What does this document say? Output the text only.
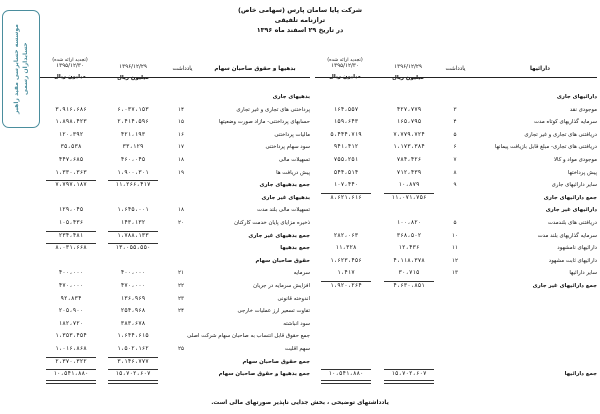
موسسه حسابرسی مفید راهبر حسابداران رسمی
شرکت پایا سامان پارس (سهامی خاص)
ترازنامه تلفیقی
در تاریخ ۲۹ اسفند ماه ۱۳۹۶
(تجدید ارائه شده)
۱۳۹۵/۱۲/۳۰
میلیون ریال
۱۳۹۶/۱۲/۲۹
میلیون ریال
یادداشت	بدهیها و حقوق صاحبان سهام
(تجدید ارائه شده)
۱۳۹۵/۱۲/۳۰
میلیون ریال
۱۳۹۶/۱۲/۲۹
میلیون ریال
یادداشت	دارائیها
بدهیهای جاری
پرداختنی های تجاری و غیر تجاری
۱۴
۶،۰۳۷،۱۵۳
۳،۹۱۶،۶۸۶
حسابهای پرداختنی- مازاد صورت وضعیتها
۱۵
۲،۴۱۴،۵۹۶
۱،۸۹۸،۴۲۳
مالیات پرداختنی
۱۶
۴۲۱،۱۹۳
۱۲۰،۳۹۲
سود سهام پرداختنی
۱۷
۳۳،۱۲۹
۳۵،۵۳۸
تسهیلات مالی
۱۸
۴۶۰،۰۴۵
۴۴۷،۶۸۵
پیش دریافت ها
۱۹
۱،۹۰۰،۳۰۱
۱،۳۳۰،۳۶۳
جمع بدهیهای جاری
۱۱،۲۶۶،۴۱۷
۷،۷۹۷،۱۸۷
بدهیهای غیر جاری
تسهیلات مالی بلند مدت
۱۸
۱،۶۴۵،۰۰۱
۱۲۹،۰۴۵
ذخیره مزایای پایان خدمت کارکنان
۲۰
۱۴۳،۱۳۲
۱۰۵،۴۳۶
جمع بدهیهای غیر جاری
۱،۷۸۸،۱۳۳
۲۳۴،۴۸۱
جمع بدهیها
۱۳،۰۵۵،۵۵۰
۸،۰۳۱،۶۶۸
حقوق صاحبان سهام
سرمایه
۲۱
۴۰۰،۰۰۰
۴۰۰،۰۰۰
افزایش سرمایه در جریان
۲۲
۴۷۰،۰۰۰
۴۷۰،۰۰۰
اندوخته قانونی
۲۳
۱۳۶،۹۶۹
۹۲،۸۳۴
تفاوت تسعیر ارز عملیات خارجی
۲۴
۲۵۴،۹۶۸
۲۰۵،۹۰۰
سود انباشته
۳۸۳،۶۷۸
۱۸۲،۷۲۰
جمع حقوق قابل انتساب به صاحبان سهام شرکت اصلی
۱،۶۴۴،۶۱۵
۱،۳۵۳،۴۵۴
سهم اقلیت
۲۵
۱،۵۰۲،۱۶۲
۱،۰۱۶،۸۶۸
جمع حقوق صاحبان سهام
۳،۱۴۶،۷۷۷
۲،۳۷۰،۳۲۲
جمع بدهیها و حقوق صاحبان سهام
۱۵،۷۰۲،۶۰۷
۱۰،۵۴۱،۸۸۰
دارائیهای جاری
موجودی نقد
۳
۴۲۷،۷۷۹
۱۶۴،۵۵۷
سرمایه گذاریهای کوتاه مدت
۴
۱۶۵،۷۹۵
۱۵۹،۶۴۳
دریافتنی های تجاری و غیر تجاری
۵
۷،۷۷۹،۷۲۴
۵،۴۴۴،۷۱۹
دریافتنی های تجاری- مبلغ قابل بازیافت پیمانها
۶
۱،۱۷۳،۳۸۴
۹۴۱،۴۱۲
موجودی مواد و کالا
۷
۷۸۴،۴۲۶
۷۵۵،۲۵۱
پیش پرداختها
۸
۷۱۲،۴۳۹
۵۴۴،۵۱۴
سایر دارائیهای جاری
۹
۱۰،۸۷۹
۱۰۷،۴۴۰
جمع دارائیهای جاری
۱۱،۰۷۱،۷۵۶
۸،۶۲۱،۶۱۶
دارائیهای غیر جاری
دریافتنی های بلندمدت
۵
۱۰۰،۸۲۰
سرمایه گذاریهای بلند مدت
۱۰
۳۶۸،۵۰۲
۲۸۲،۰۶۳
دارائیهای نامشهود
۱۱
۱۲،۴۳۶
۱۱،۳۲۸
دارائیهای ثابت مشهود
۱۲
۴،۱۱۸،۳۷۸
۱،۶۲۳،۴۵۶
سایر دارائیها
۱۳
۳۰،۷۱۵
۱،۴۱۷
جمع دارائیهای غیر جاری
۴،۶۳۰،۸۵۱
۱،۹۲۰،۲۶۴
جمع دارائیها
۱۵،۷۰۲،۶۰۷
۱۰،۵۴۱،۸۸۰
یادداشتهای توضیحی ، بخش جدایی ناپذیر صورتهای مالی است.
